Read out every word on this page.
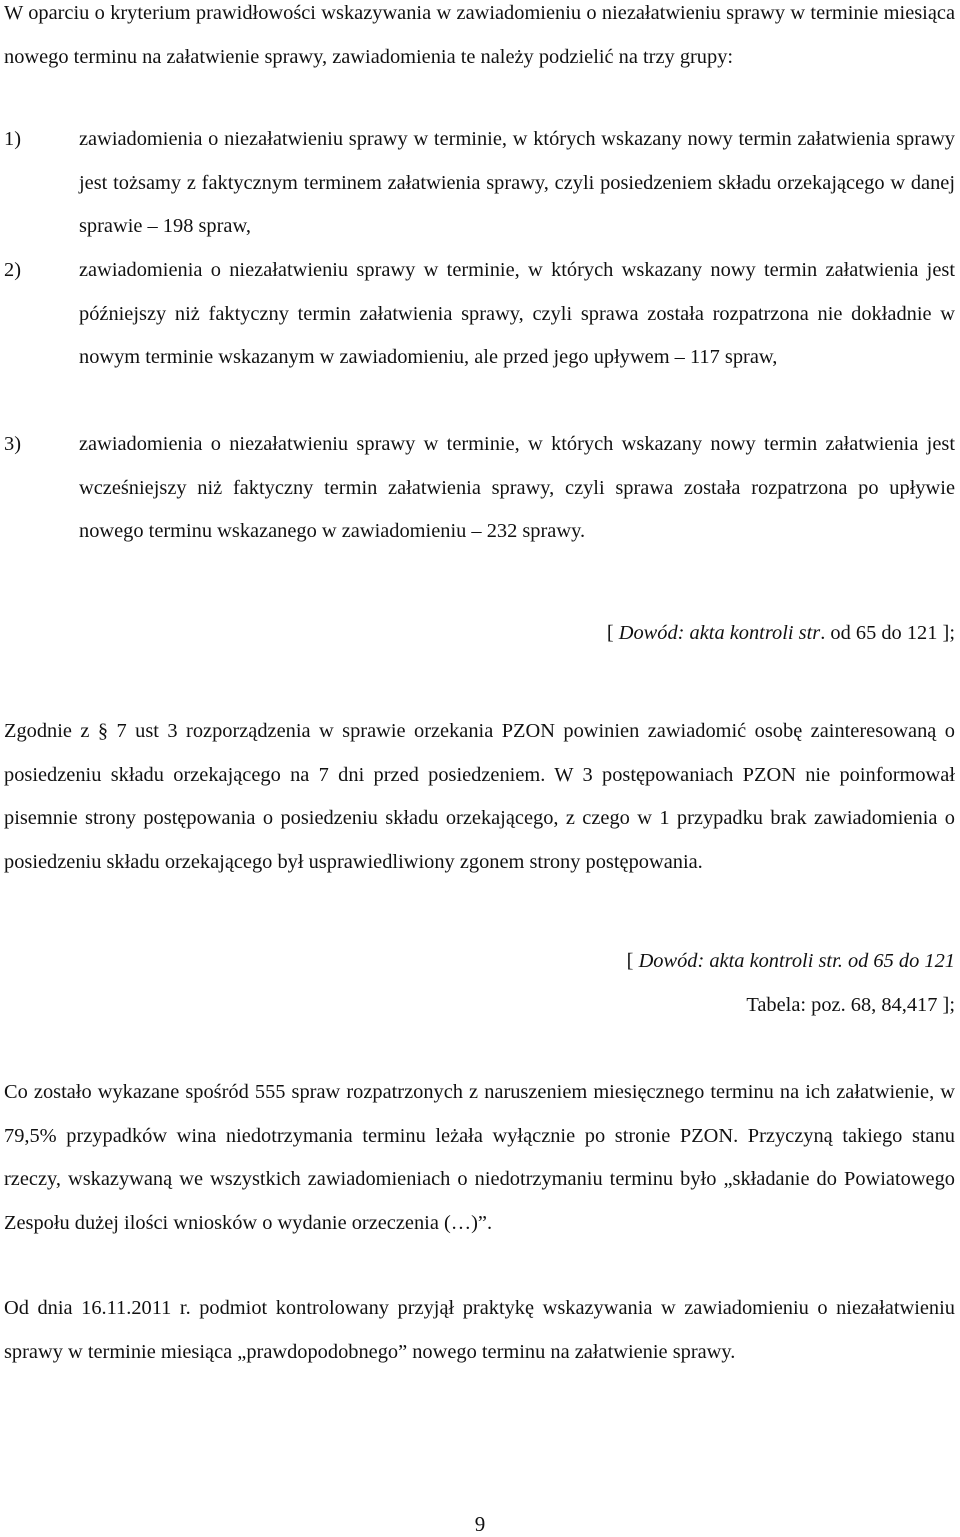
W oparciu o kryterium prawidłowości wskazywania w zawiadomieniu o niezałatwieniu sprawy w terminie miesiąca nowego terminu na załatwienie sprawy, zawiadomienia te należy podzielić na trzy grupy:

1)	zawiadomienia o niezałatwieniu sprawy w terminie, w których wskazany nowy termin załatwienia sprawy jest tożsamy z faktycznym terminem załatwienia sprawy, czyli posiedzeniem składu orzekającego w danej sprawie – 198 spraw,
2)	zawiadomienia o niezałatwieniu sprawy w terminie, w których wskazany nowy termin załatwienia jest późniejszy niż faktyczny termin załatwienia sprawy, czyli sprawa została rozpatrzona nie dokładnie w nowym terminie wskazanym w zawiadomieniu, ale przed jego upływem – 117 spraw,
3)	zawiadomienia o niezałatwieniu sprawy w terminie, w których wskazany nowy termin załatwienia jest wcześniejszy niż faktyczny termin załatwienia sprawy, czyli sprawa została rozpatrzona po upływie nowego terminu wskazanego w zawiadomieniu – 232 sprawy.

[ Dowód: akta kontroli str. od 65 do 121 ];

Zgodnie z § 7 ust 3 rozporządzenia w sprawie orzekania PZON powinien zawiadomić osobę zainteresowaną o posiedzeniu składu orzekającego na 7 dni przed posiedzeniem. W 3 postępowaniach PZON nie poinformował pisemnie strony postępowania o posiedzeniu składu orzekającego, z czego w 1 przypadku brak zawiadomienia o posiedzeniu składu orzekającego był usprawiedliwiony zgonem strony postępowania.

[ Dowód: akta kontroli str. od 65 do 121

Tabela: poz. 68, 84,417 ];

Co zostało wykazane spośród 555 spraw rozpatrzonych z naruszeniem miesięcznego terminu na ich załatwienie, w 79,5% przypadków wina niedotrzymania terminu leżała wyłącznie po stronie PZON. Przyczyną takiego stanu rzeczy, wskazywaną we wszystkich zawiadomieniach o niedotrzymaniu terminu było „składanie do Powiatowego Zespołu dużej ilości wniosków o wydanie orzeczenia (…)”.

Od dnia 16.11.2011 r. podmiot kontrolowany przyjął praktykę wskazywania w zawiadomieniu o niezałatwieniu sprawy w terminie miesiąca „prawdopodobnego” nowego terminu na załatwienie sprawy.

9
